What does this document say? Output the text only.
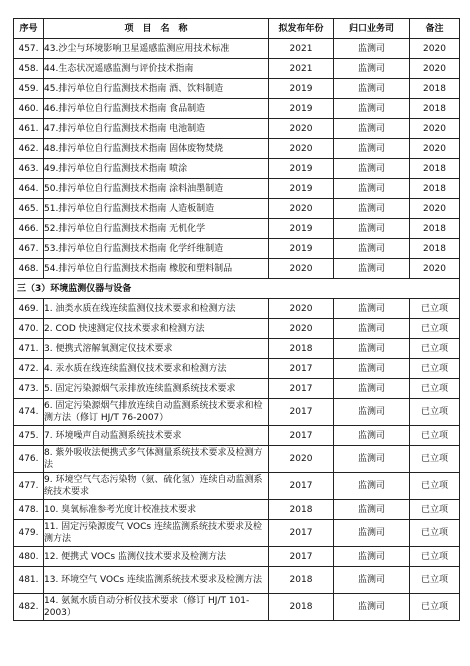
序号	项　目　名　称	拟发布年份	归口业务司	备注
457.	43.沙尘与环境影响卫星遥感监测应用技术标准	2021	监测司	2020
458.	44.生态状况遥感监测与评价技术指南	2021	监测司	2020
459.	45.排污单位自行监测技术指南 酒、饮料制造	2019	监测司	2018
460.	46.排污单位自行监测技术指南 食品制造	2019	监测司	2018
461.	47.排污单位自行监测技术指南 电池制造	2020	监测司	2020
462.	48.排污单位自行监测技术指南 固体废物焚烧	2020	监测司	2020
463.	49.排污单位自行监测技术指南 喷涂	2019	监测司	2018
464.	50.排污单位自行监测技术指南 涂料油墨制造	2019	监测司	2018
465.	51.排污单位自行监测技术指南 人造板制造	2020	监测司	2020
466.	52.排污单位自行监测技术指南 无机化学	2019	监测司	2018
467.	53.排污单位自行监测技术指南 化学纤维制造	2019	监测司	2018
468.	54.排污单位自行监测技术指南 橡胶和塑料制品	2020	监测司	2020
三（3）环境监测仪器与设备				
469.	1. 油类水质在线连续监测仪技术要求和检测方法	2020	监测司	已立项
470.	2. COD 快速测定仪技术要求和检测方法	2020	监测司	已立项
471.	3. 便携式溶解氧测定仪技术要求	2018	监测司	已立项
472.	4. 汞水质在线连续监测仪技术要求和检测方法	2017	监测司	已立项
473.	5. 固定污染源烟气汞排放连续监测系统技术要求	2017	监测司	已立项
474.	6. 固定污染源烟气排放连续自动监测系统技术要求和检测方法（修订 HJ/T 76-2007）	2017	监测司	已立项
475.	7. 环境噪声自动监测系统技术要求	2017	监测司	已立项
476.	8. 紫外吸收法便携式多气体测量系统技术要求及检测方法	2020	监测司	已立项
477.	9. 环境空气气态污染物（氨、硫化氢）连续自动监测系统技术要求	2017	监测司	已立项
478.	10. 臭氧标准参考光度计校准技术要求	2018	监测司	已立项
479.	11. 固定污染源废气 VOCs 连续监测系统技术要求及检测方法	2017	监测司	已立项
480.	12. 便携式 VOCs 监测仪技术要求及检测方法	2017	监测司	已立项
481.	13. 环境空气 VOCs 连续监测系统技术要求及检测方法	2018	监测司	已立项
482.	14. 氨氮水质自动分析仪技术要求（修订 HJ/T 101-2003）	2018	监测司	已立项
